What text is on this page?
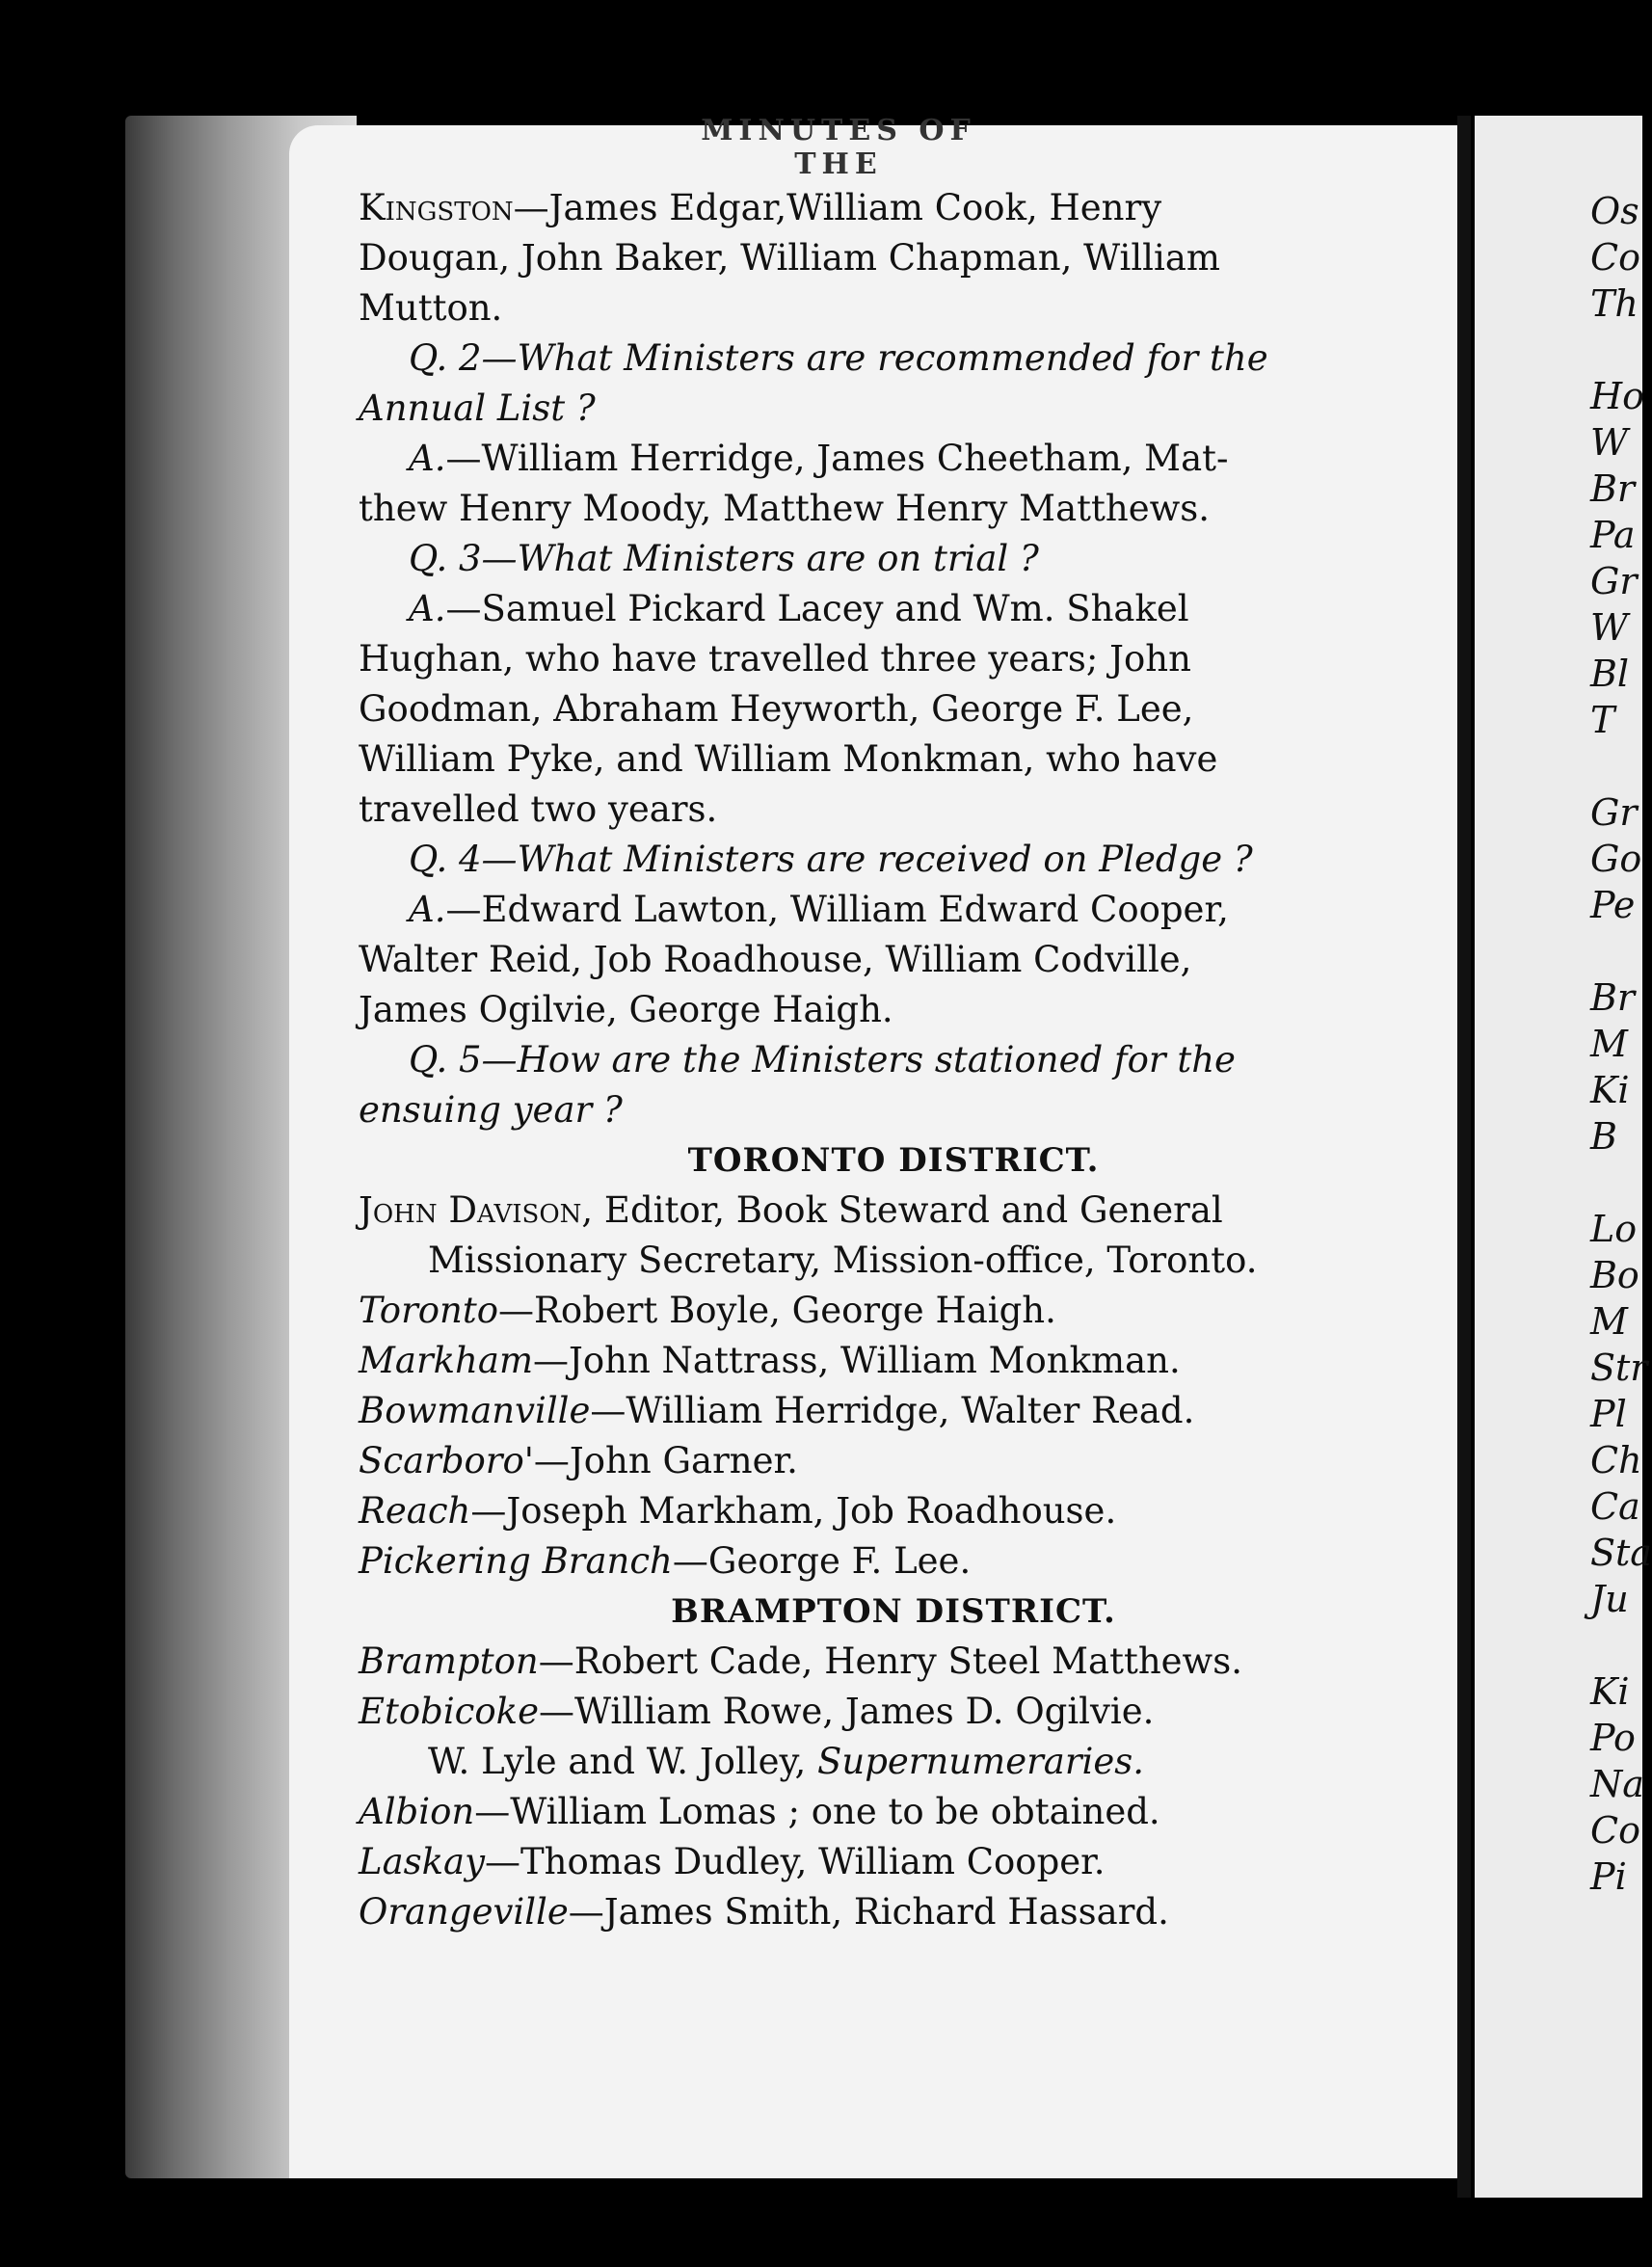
MINUTES OF THE
Kingston—James Edgar,William Cook, Henry
Dougan, John Baker, William Chapman, William
Mutton.
Q. 2—What Ministers are recommended for the
Annual List ?
A.—William Herridge, James Cheetham, Mat-
thew Henry Moody, Matthew Henry Matthews.
Q. 3—What Ministers are on trial ?
A.—Samuel Pickard Lacey and Wm. Shakel
Hughan, who have travelled three years; John
Goodman, Abraham Heyworth, George F. Lee,
William Pyke, and William Monkman, who have
travelled two years.
Q. 4—What Ministers are received on Pledge ?
A.—Edward Lawton, William Edward Cooper,
Walter Reid, Job Roadhouse, William Codville,
James Ogilvie, George Haigh.
Q. 5—How are the Ministers stationed for the
ensuing year ?
TORONTO DISTRICT.
John Davison, Editor, Book Steward and General
Missionary Secretary, Mission-office, Toronto.
Toronto—Robert Boyle, George Haigh.
Markham—John Nattrass, William Monkman.
Bowmanville—William Herridge, Walter Read.
Scarboro'—John Garner.
Reach—Joseph Markham, Job Roadhouse.
Pickering Branch—George F. Lee.
BRAMPTON DISTRICT.
Brampton—Robert Cade, Henry Steel Matthews.
Etobicoke—William Rowe, James D. Ogilvie.
W. Lyle and W. Jolley, Supernumeraries.
Albion—William Lomas ; one to be obtained.
Laskay—Thomas Dudley, William Cooper.
Orangeville—James Smith, Richard Hassard.
Os
Co
Th
Ho
W
Br
Pa
Gr
W
Bl
T
Gr
Go
Pe
Br
M
Ki
B
Lo
Bo
M
Str
Pl
Ch
Ca
Sta
Ju
Ki
Po
Na
Co
Pi
